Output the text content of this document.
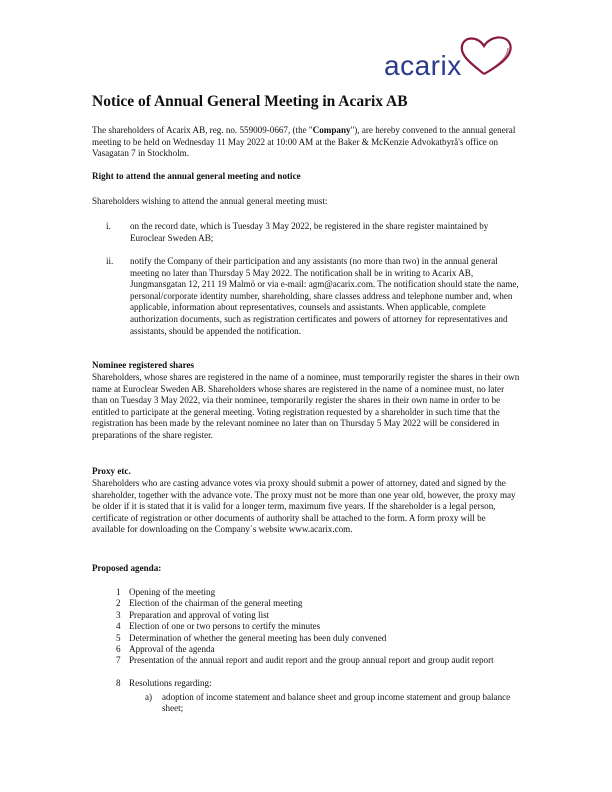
acarix
Notice of Annual General Meeting in Acarix AB

The shareholders of Acarix AB, reg. no. 559009-0667, (the "Company"), are hereby convened to the annual general meeting to be held on Wednesday 11 May 2022 at 10:00 AM at the Baker & McKenzie Advokatbyrå's office on Vasagatan 7 in Stockholm.

Right to attend the annual general meeting and notice

Shareholders wishing to attend the annual general meeting must:

i. on the record date, which is Tuesday 3 May 2022, be registered in the share register maintained by Euroclear Sweden AB;

ii. notify the Company of their participation and any assistants (no more than two) in the annual general meeting no later than Thursday 5 May 2022. The notification shall be in writing to Acarix AB, Jungmansgatan 12, 211 19 Malmö or via e-mail: agm@acarix.com. The notification should state the name, personal/corporate identity number, shareholding, share classes address and telephone number and, when applicable, information about representatives, counsels and assistants. When applicable, complete authorization documents, such as registration certificates and powers of attorney for representatives and assistants, should be appended the notification.

Nominee registered shares

Shareholders, whose shares are registered in the name of a nominee, must temporarily register the shares in their own name at Euroclear Sweden AB. Shareholders whose shares are registered in the name of a nominee must, no later than on Tuesday 3 May 2022, via their nominee, temporarily register the shares in their own name in order to be entitled to participate at the general meeting. Voting registration requested by a shareholder in such time that the registration has been made by the relevant nominee no later than on Thursday 5 May 2022 will be considered in preparations of the share register.

Proxy etc.

Shareholders who are casting advance votes via proxy should submit a power of attorney, dated and signed by the shareholder, together with the advance vote. The proxy must not be more than one year old, however, the proxy may be older if it is stated that it is valid for a longer term, maximum five years. If the shareholder is a legal person, certificate of registration or other documents of authority shall be attached to the form. A form proxy will be available for downloading on the Company´s website www.acarix.com.

Proposed agenda:

1 Opening of the meeting
2 Election of the chairman of the general meeting
3 Preparation and approval of voting list
4 Election of one or two persons to certify the minutes
5 Determination of whether the general meeting has been duly convened
6 Approval of the agenda
7 Presentation of the annual report and audit report and the group annual report and group audit report
8 Resolutions regarding:
a) adoption of income statement and balance sheet and group income statement and group balance sheet;
